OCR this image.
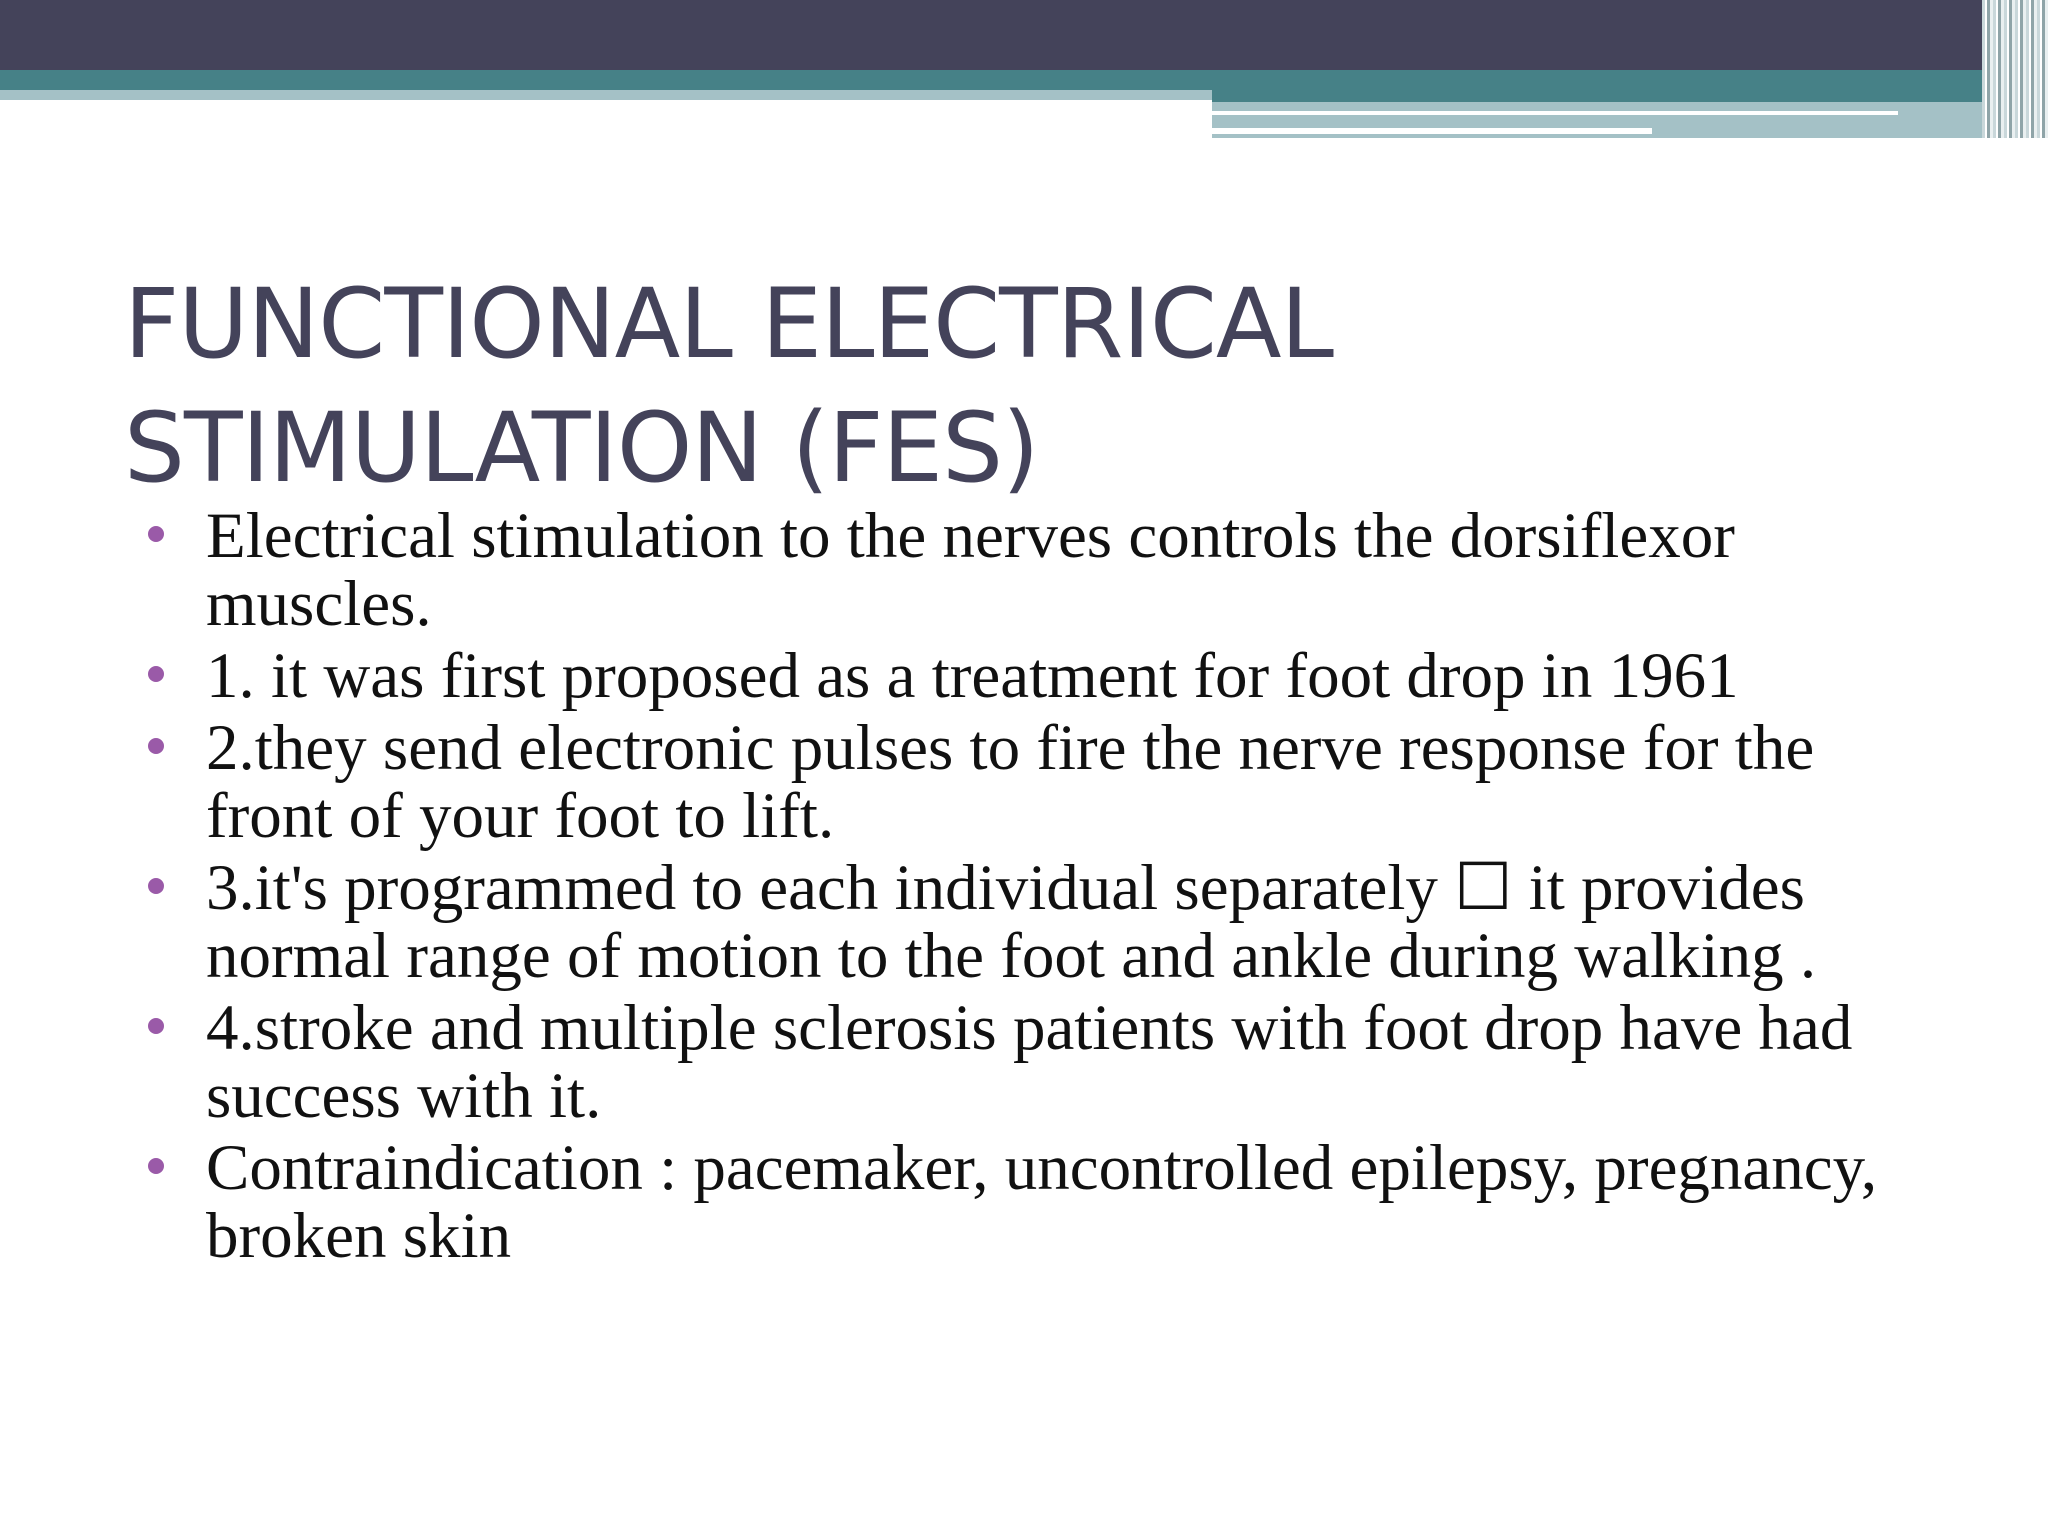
FUNCTIONAL ELECTRICAL STIMULATION (FES)
Electrical stimulation to the nerves controls the dorsiflexor muscles.
1. it was first proposed as a treatment for foot drop in 1961
2.they send electronic pulses to fire the nerve response for the front of your foot to lift.
3.it's programmed to each individual separately ☐ it provides normal range of motion to the foot and ankle during walking .
4.stroke and multiple sclerosis patients with foot drop have had success with it.
Contraindication : pacemaker, uncontrolled epilepsy, pregnancy, broken skin
